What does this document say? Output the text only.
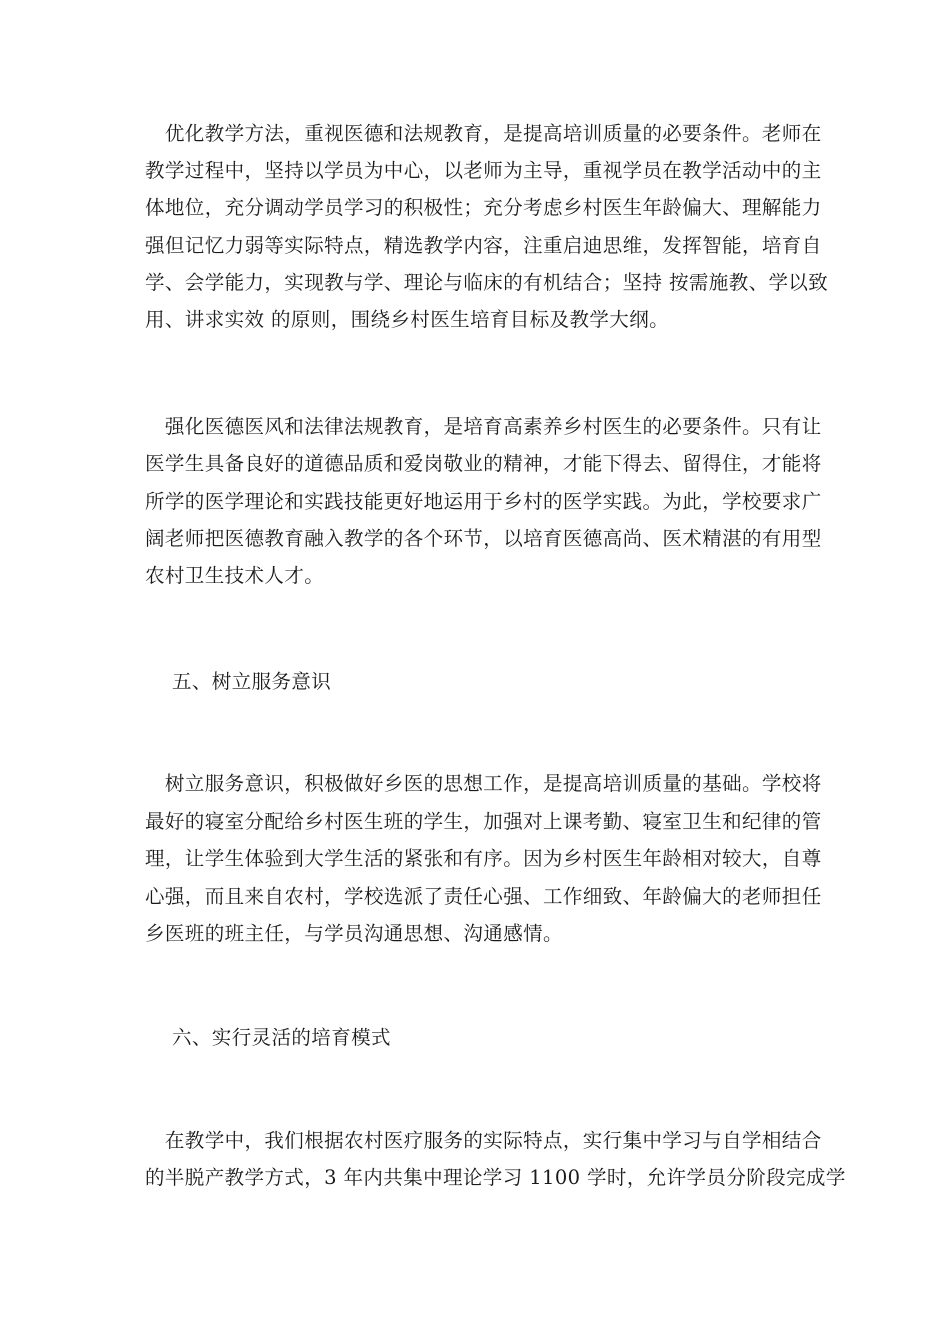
　优化教学方法，重视医德和法规教育，是提高培训质量的必要条件。老师在
教学过程中，坚持以学员为中心，以老师为主导，重视学员在教学活动中的主
体地位，充分调动学员学习的积极性；充分考虑乡村医生年龄偏大、理解能力
强但记忆力弱等实际特点，精选教学内容，注重启迪思维，发挥智能，培育自
学、会学能力，实现教与学、理论与临床的有机结合；坚持 按需施教、学以致
用、讲求实效 的原则，围绕乡村医生培育目标及教学大纲。
　强化医德医风和法律法规教育，是培育高素养乡村医生的必要条件。只有让
医学生具备良好的道德品质和爱岗敬业的精神，才能下得去、留得住，才能将
所学的医学理论和实践技能更好地运用于乡村的医学实践。为此，学校要求广
阔老师把医德教育融入教学的各个环节，以培育医德高尚、医术精湛的有用型
农村卫生技术人才。
五、树立服务意识
　树立服务意识，积极做好乡医的思想工作，是提高培训质量的基础。学校将
最好的寝室分配给乡村医生班的学生，加强对上课考勤、寝室卫生和纪律的管
理，让学生体验到大学生活的紧张和有序。因为乡村医生年龄相对较大，自尊
心强，而且来自农村，学校选派了责任心强、工作细致、年龄偏大的老师担任
乡医班的班主任，与学员沟通思想、沟通感情。
六、实行灵活的培育模式
　在教学中，我们根据农村医疗服务的实际特点，实行集中学习与自学相结合
的半脱产教学方式，3 年内共集中理论学习 1100 学时，允许学员分阶段完成学
